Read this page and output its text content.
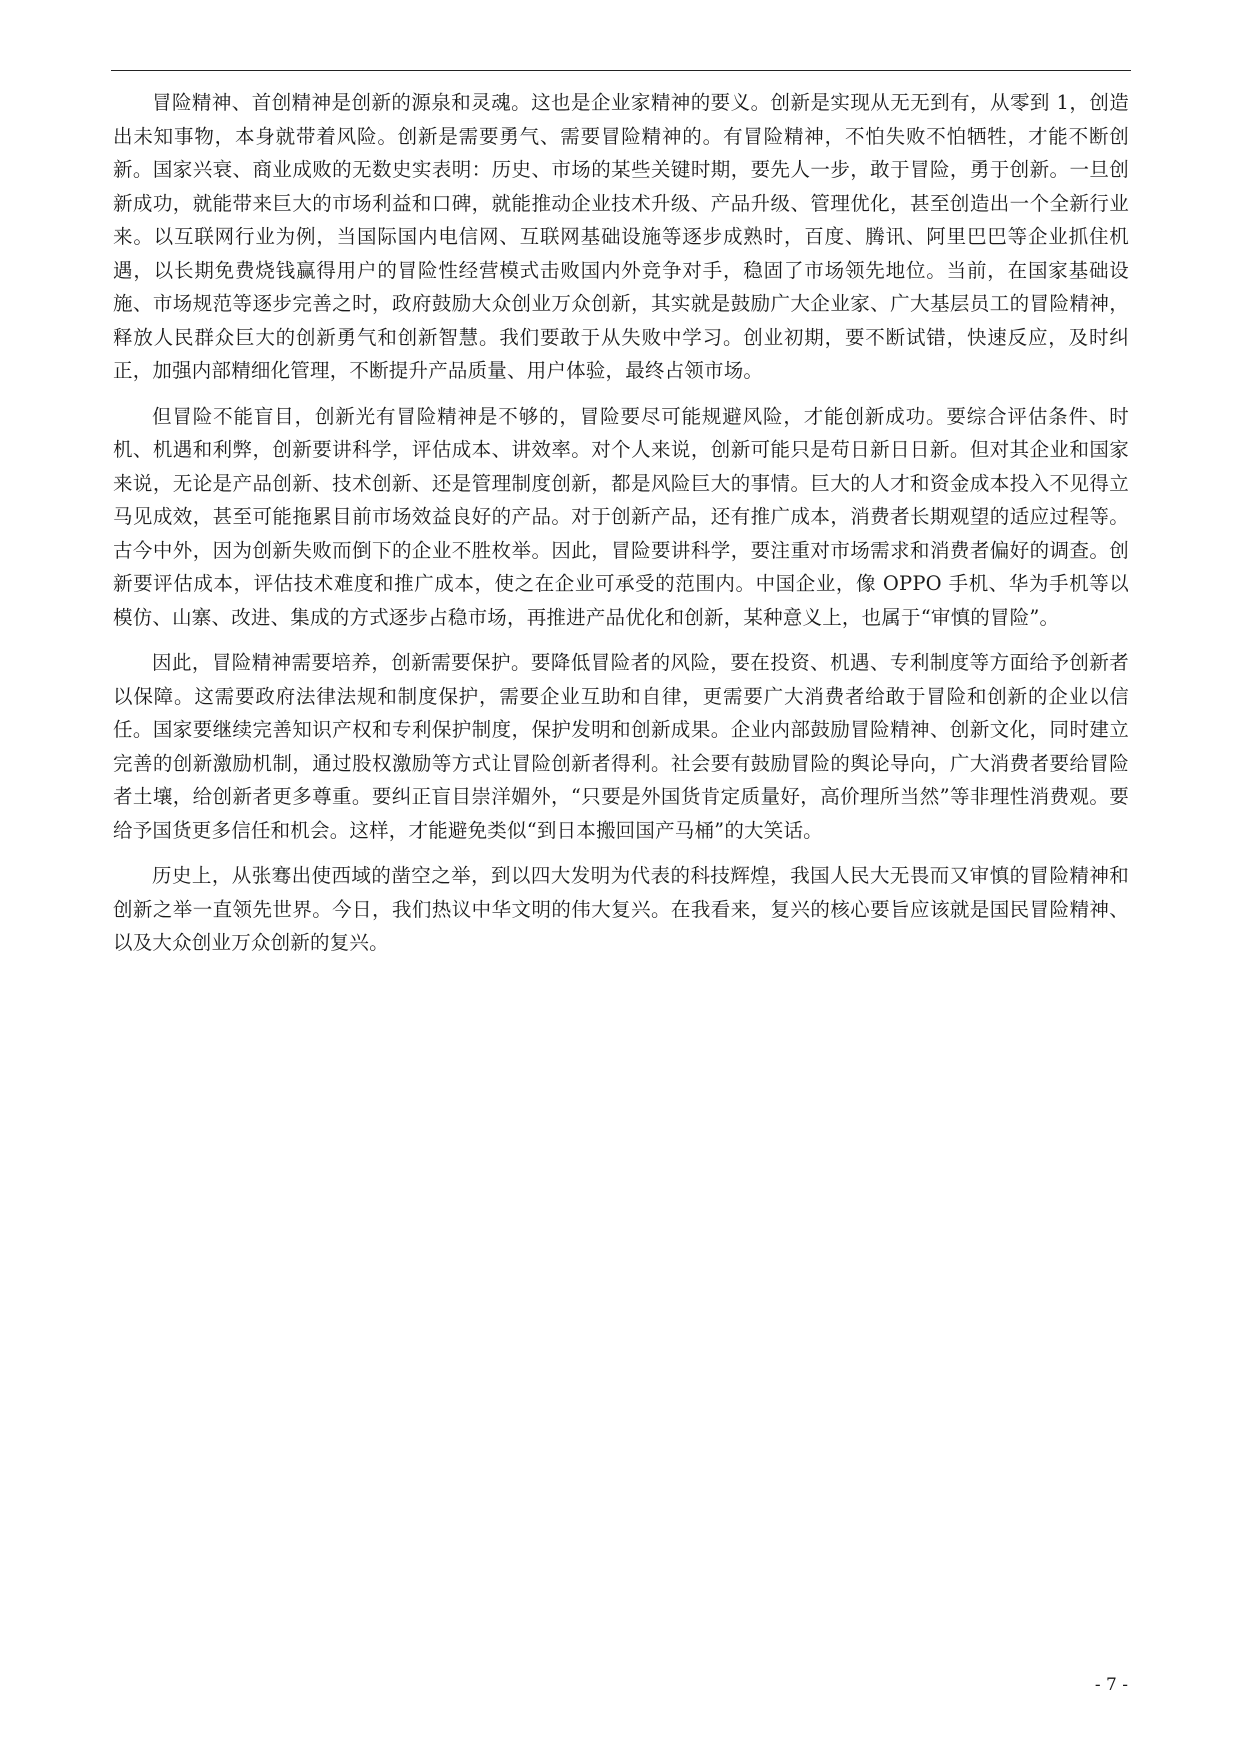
冒险精神、首创精神是创新的源泉和灵魂。这也是企业家精神的要义。创新是实现从无无到有，从零到 1，创造出未知事物，本身就带着风险。创新是需要勇气、需要冒险精神的。有冒险精神，不怕失败不怕牺牲，才能不断创新。国家兴衰、商业成败的无数史实表明：历史、市场的某些关键时期，要先人一步，敢于冒险，勇于创新。一旦创新成功，就能带来巨大的市场利益和口碑，就能推动企业技术升级、产品升级、管理优化，甚至创造出一个全新行业来。以互联网行业为例，当国际国内电信网、互联网基础设施等逐步成熟时，百度、腾讯、阿里巴巴等企业抓住机遇，以长期免费烧钱赢得用户的冒险性经营模式击败国内外竞争对手，稳固了市场领先地位。当前，在国家基础设施、市场规范等逐步完善之时，政府鼓励大众创业万众创新，其实就是鼓励广大企业家、广大基层员工的冒险精神，释放人民群众巨大的创新勇气和创新智慧。我们要敢于从失败中学习。创业初期，要不断试错，快速反应，及时纠正，加强内部精细化管理，不断提升产品质量、用户体验，最终占领市场。

但冒险不能盲目，创新光有冒险精神是不够的，冒险要尽可能规避风险，才能创新成功。要综合评估条件、时机、机遇和利弊，创新要讲科学，评估成本、讲效率。对个人来说，创新可能只是苟日新日日新。但对其企业和国家来说，无论是产品创新、技术创新、还是管理制度创新，都是风险巨大的事情。巨大的人才和资金成本投入不见得立马见成效，甚至可能拖累目前市场效益良好的产品。对于创新产品，还有推广成本，消费者长期观望的适应过程等。古今中外，因为创新失败而倒下的企业不胜枚举。因此，冒险要讲科学，要注重对市场需求和消费者偏好的调查。创新要评估成本，评估技术难度和推广成本，使之在企业可承受的范围内。中国企业，像 OPPO 手机、华为手机等以模仿、山寨、改进、集成的方式逐步占稳市场，再推进产品优化和创新，某种意义上，也属于“审慎的冒险”。

因此，冒险精神需要培养，创新需要保护。要降低冒险者的风险，要在投资、机遇、专利制度等方面给予创新者以保障。这需要政府法律法规和制度保护，需要企业互助和自律，更需要广大消费者给敢于冒险和创新的企业以信任。国家要继续完善知识产权和专利保护制度，保护发明和创新成果。企业内部鼓励冒险精神、创新文化，同时建立完善的创新激励机制，通过股权激励等方式让冒险创新者得利。社会要有鼓励冒险的舆论导向，广大消费者要给冒险者土壤，给创新者更多尊重。要纠正盲目崇洋媚外，“只要是外国货肯定质量好，高价理所当然”等非理性消费观。要给予国货更多信任和机会。这样，才能避免类似“到日本搬回国产马桶”的大笑话。

历史上，从张骞出使西域的凿空之举，到以四大发明为代表的科技辉煌，我国人民大无畏而又审慎的冒险精神和创新之举一直领先世界。今日，我们热议中华文明的伟大复兴。在我看来，复兴的核心要旨应该就是国民冒险精神、以及大众创业万众创新的复兴。

- 7 -
